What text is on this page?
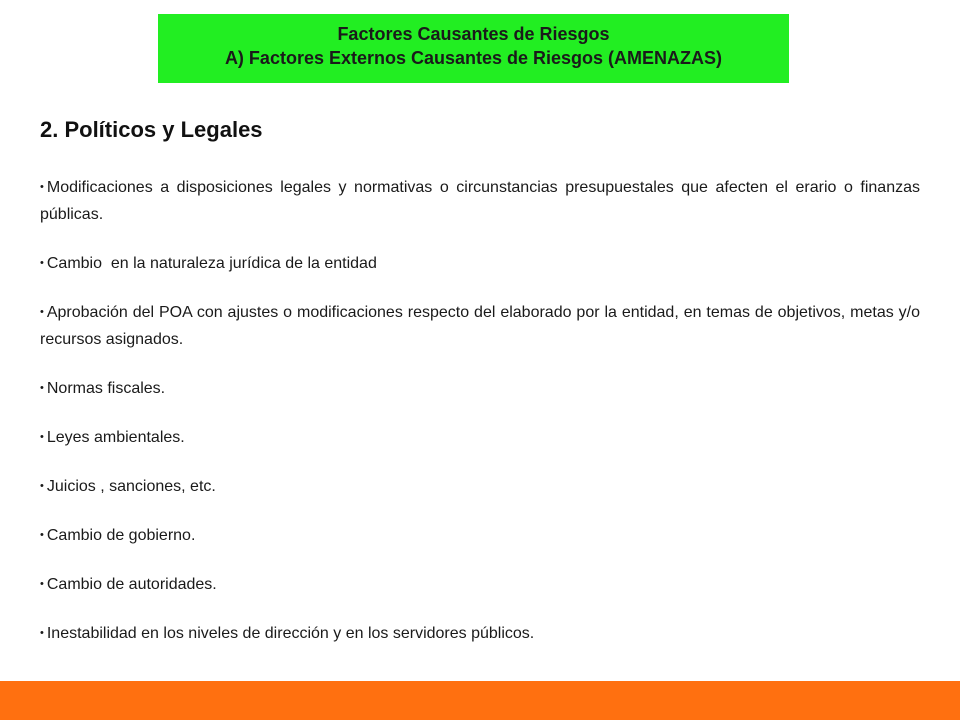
Factores Causantes de Riesgos
A) Factores Externos Causantes de Riesgos (AMENAZAS)
2. Políticos y Legales
• Modificaciones a disposiciones legales y normativas o circunstancias presupuestales que afecten el erario o finanzas públicas.
• Cambio  en la naturaleza jurídica de la entidad
• Aprobación del POA con ajustes o modificaciones respecto del elaborado por la entidad, en temas de objetivos, metas y/o recursos asignados.
• Normas fiscales.
• Leyes ambientales.
• Juicios , sanciones, etc.
• Cambio de gobierno.
• Cambio de autoridades.
• Inestabilidad en los niveles de dirección y en los servidores públicos.
